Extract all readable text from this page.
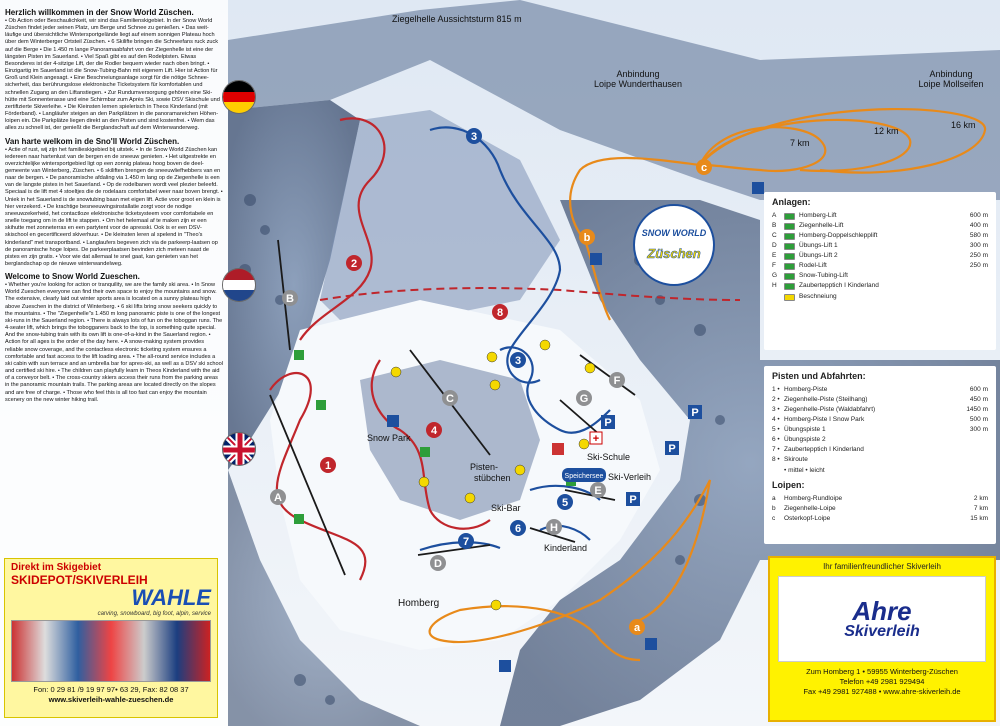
1
2
4
8
3
3
5
6
7
A
B
C
D
E
F
G
H
b
c
a
P
P
P
P
+
SNOW WORLD
Züschen
Ziegelhelle Aussichtsturm 815 m
Anbindung
Loipe Wunderthausen
Anbindung
Loipe Mollseifen
7 km
12 km
16 km
Snow Park
Ski-Schule
Ski-Verleih
Pisten-
stübchen
Ski-Bar
Kinderland
Homberg
Speichersee
Herzlich willkommen in der Snow World Züschen.

• Ob Action oder Beschaulichkeit, wir sind das Familienskigebiet. In der Snow World Züschen findet jeder seinen Platz, um Berge und Schnee zu genießen. • Das weit-läufige und übersichtliche Wintersportgelände liegt auf einem sonnigen Plateau hoch über dem Winterberger Ortsteil Züschen. • 6 Skilifte bringen die Schneefans ruck zuck auf die Berge • Die 1.450 m lange Panoramaabfahrt von der Ziegenhelle ist eine der längsten Pisten im Sauerland. • Viel Spaß gibt es auf den Rodelpisten. Etwas Besonderes ist der 4-sitzige Lift, der die Rodler bequem wieder nach oben bringt. • Einzigartig im Sauerland ist die Snow-Tubing-Bahn mit eigenem Lift. Hier ist Action für Groß und Klein angesagt. • Eine Beschneiungsanlage sorgt für die nötige Schnee-sicherheit, das berührungslose elektronische Ticketsystem für komfortablen und schnellen Zugang an den Liftanstiegen. • Zur Rundumversorgung gehören eine Ski-hütte mit Sonnenterasse und eine Schirmbar zum Après Ski, sowie DSV Skischule und zertifizierte Skiverleihe. • Die Kleinsten lernen spielerisch in Theos Kinderland (mit Förderband). • Langläufer steigen an den Parkplätzen in die panoramareichen Höhen-loipen ein. Die Parkplätze liegen direkt an den Pisten und sind kostenfrei. • Wem das alles zu schnell ist, der genießt die Berglandschaft auf dem Winterwanderweg.

Van harte welkom in de Sno'll World Züschen.

• Actie of rust, wij zijn het familieskigebied bij uitstek. • In de Snow World Züschen kan iedereen naar hartenlust van de bergen en de sneeuw genieten. • Het uitgestrekte en overzichtelijke wintersportgebied ligt op een zonnig plateau hoog boven de deel-gemeente van Winterberg, Züschen. • 6 skiliften brengen de sneeuwliefhebbers van en naar de bergen. • De panoramische afdaling via 1.450 m lang op de Ziegenhelle is een van de langste pistes in het Sauerland. • Op de rodelbanen wordt veel plezier beleefd. Speciaal is de lift met 4 stoeltjes die de rodelaars comfortabel weer naar boven brengt. • Uniek in het Sauerland is de snowtubing baan met eigen lift. Actie voor groot en klein is hier verzekerd. • De krachtige besneeuwingsinstallatie zorgt voor de nodige sneeuwzekerheid, het contactloze elektronische ticketsysteem voor comfortabele en snelle toegang om in de lift te stappen. • Om het helemaal af te maken zijn er een skihutte met zonneterras en een partytent voor de apresski. Ook is er een DSV-skischool en gecertificeerd skiverhuur. • De kleinsten leren al spelend in "Theo's kinderland" met transportband. • Langlaufers begeven zich via de parkeerp-laatsen op de panoramische hoge loipes. De parkeerplaatsen bevinden zich meteen naast de pistes en zijn gratis. • Voor wie dat allemaal te snel gaat, kan genieten van het berglandschap op de nieuwe winterwandelweg.

Welcome to Snow World Zueschen.

• Whether you're looking for action or tranquility, we are the family ski area. • In Snow World Zueschen everyone can find their own space to enjoy the mountains and snow. The extensive, clearly laid out winter sports area is located on a sunny plateau high above Zueschen in the district of Winterberg. • 6 ski lifts bring snow seekers quickly to the mountains. • The "Ziegenhelle"s 1.450 m long panoramic piste is one of the longest ski-runs in the Sauerland region. • There is always lots of fun on the toboggan runs. The 4-seater lift, which brings the tobogganers back to the top, is something quite special. And the snow-tubing train with its own lift is one-of-a-kind in the Sauerland region. • Action for all ages is the order of the day here. • A snow-making system provides reliable snow coverage, and the contactless electronic ticketing system ensures a comfortable and fast access to the lift loading area. • The all-round service includes a ski cabin with sun terrace and an umbrella bar for apres-ski, as well as a DSV ski school and certified ski hire. • The children can playfully learn in Theos Kinderland with the aid of a conveyor belt. • The cross-country skiers access their runs from the parking areas in the panoramic mountain trails. The parking areas are located directly on the slopes and are free of charge. • Those who feel this is all too fast can enjoy the mountain scenery on the new winter hiking trail.

Direkt im Skigebiet
SKIDEPOT/SKIVERLEIH
WAHLE
carving, snowboard, big foot, alpin, service
Fon: 0 29 81 /9 19 97 97• 63 29, Fax: 82 08 37
www.skiverleih-wahle-zueschen.de
Anlagen:
A	Homberg-Lift	600 m
B	Ziegenhelle-Lift	400 m
C	Homberg-Doppelschlepplift	580 m
D	Übungs-Lift 1	300 m
E	Übungs-Lift 2	250 m
F	Rodel-Lift	250 m
G	Snow-Tubing-Lift
H	Zaubertepptich I Kinderland
Beschneiung
Pisten und Abfahrten:
1 • Homberg-Piste	600 m
2 • Ziegenhelle-Piste (Steilhang)	450 m
3 • Ziegenhelle-Piste (Waldabfahrt)	1450 m
4 • Homberg-Piste I Snow Park	500 m
5 • Übungspiste 1	300 m
6 • Übungspiste 2
7 • Zaubertepptich I Kinderland
8 • Skiroute
• mittel • leicht
Loipen:
a	Homberg-Rundloipe	2 km
b	Ziegenhelle-Loipe	7 km
c	Osterkopf-Loipe	15 km
Ihr familienfreundlicher Skiverleih
Ahre
Skiverleih
Zum Homberg 1 • 59955 Winterberg-Züschen
Telefon +49 2981 929494
Fax +49 2981 927488 • www.ahre-skiverleih.de
